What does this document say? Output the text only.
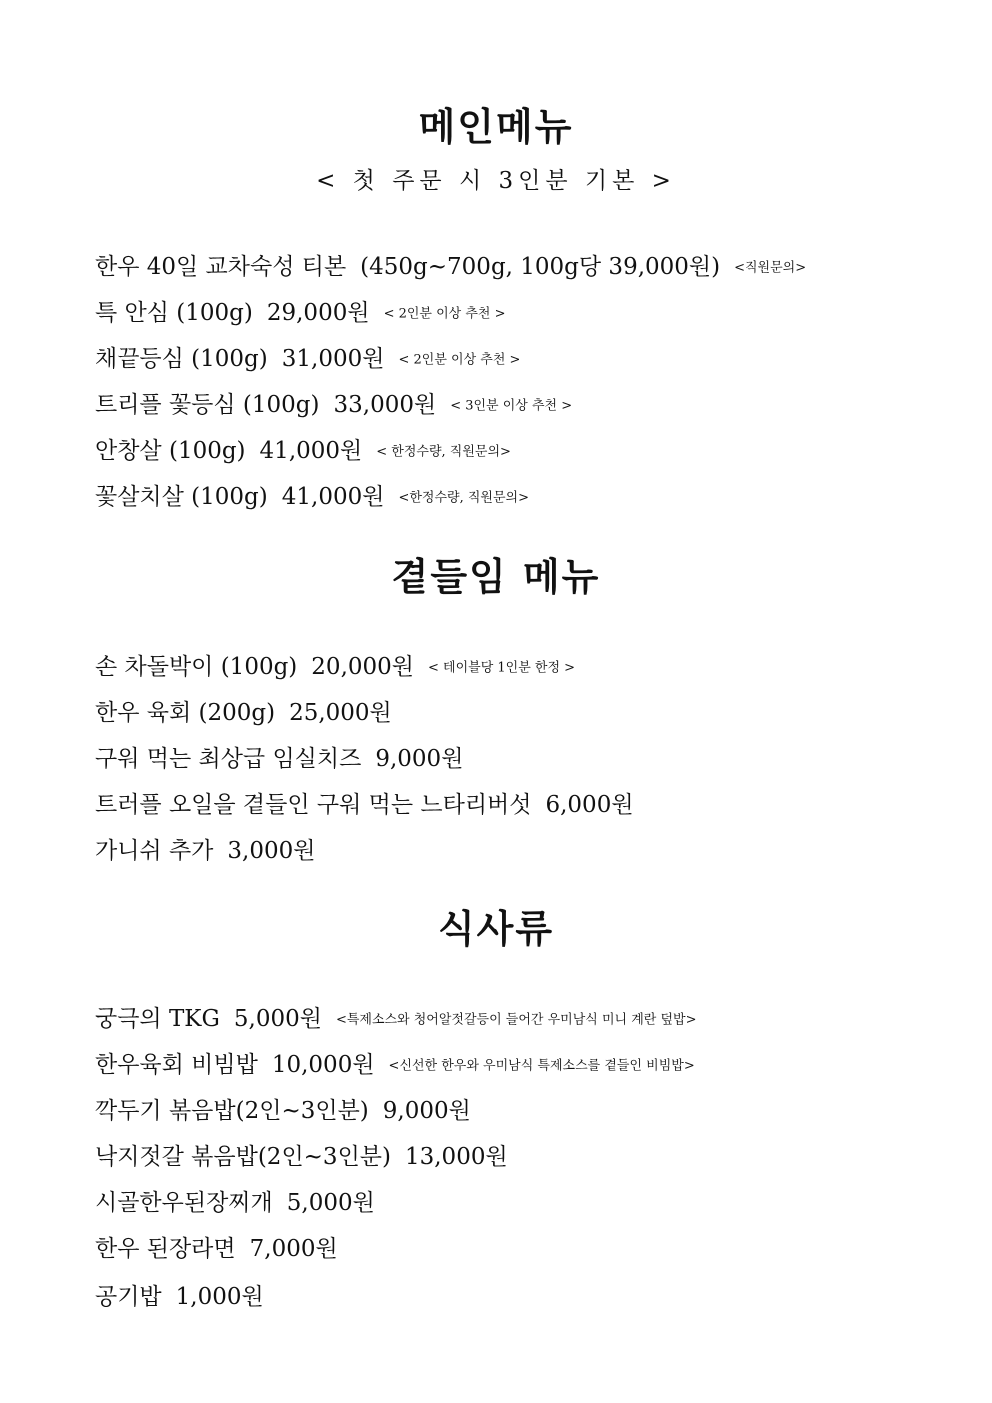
메인메뉴
< 첫 주문 시 3인분 기본 >
한우 40일 교차숙성 티본 (450g~700g, 100g당 39,000원) <직원문의>
특 안심 (100g) 29,000원 < 2인분 이상 추천 >
채끝등심 (100g) 31,000원 < 2인분 이상 추천 >
트리플 꽃등심 (100g) 33,000원 < 3인분 이상 추천 >
안창살 (100g) 41,000원 < 한정수량, 직원문의>
꽃살치살 (100g) 41,000원 <한정수량, 직원문의>
곁들임 메뉴
손 차돌박이 (100g) 20,000원 < 테이블당 1인분 한정 >
한우 육회 (200g) 25,000원
구워 먹는 최상급 임실치즈 9,000원
트러플 오일을 곁들인 구워 먹는 느타리버섯 6,000원
가니쉬 추가 3,000원
식사류
궁극의 TKG 5,000원 <특제소스와 청어알젓갈등이 들어간 우미남식 미니 계란 덮밥>
한우육회 비빔밥 10,000원 <신선한 한우와 우미남식 특제소스를 곁들인 비빔밥>
깍두기 볶음밥(2인~3인분) 9,000원
낙지젓갈 볶음밥(2인~3인분) 13,000원
시골한우된장찌개 5,000원
한우 된장라면 7,000원
공기밥 1,000원
